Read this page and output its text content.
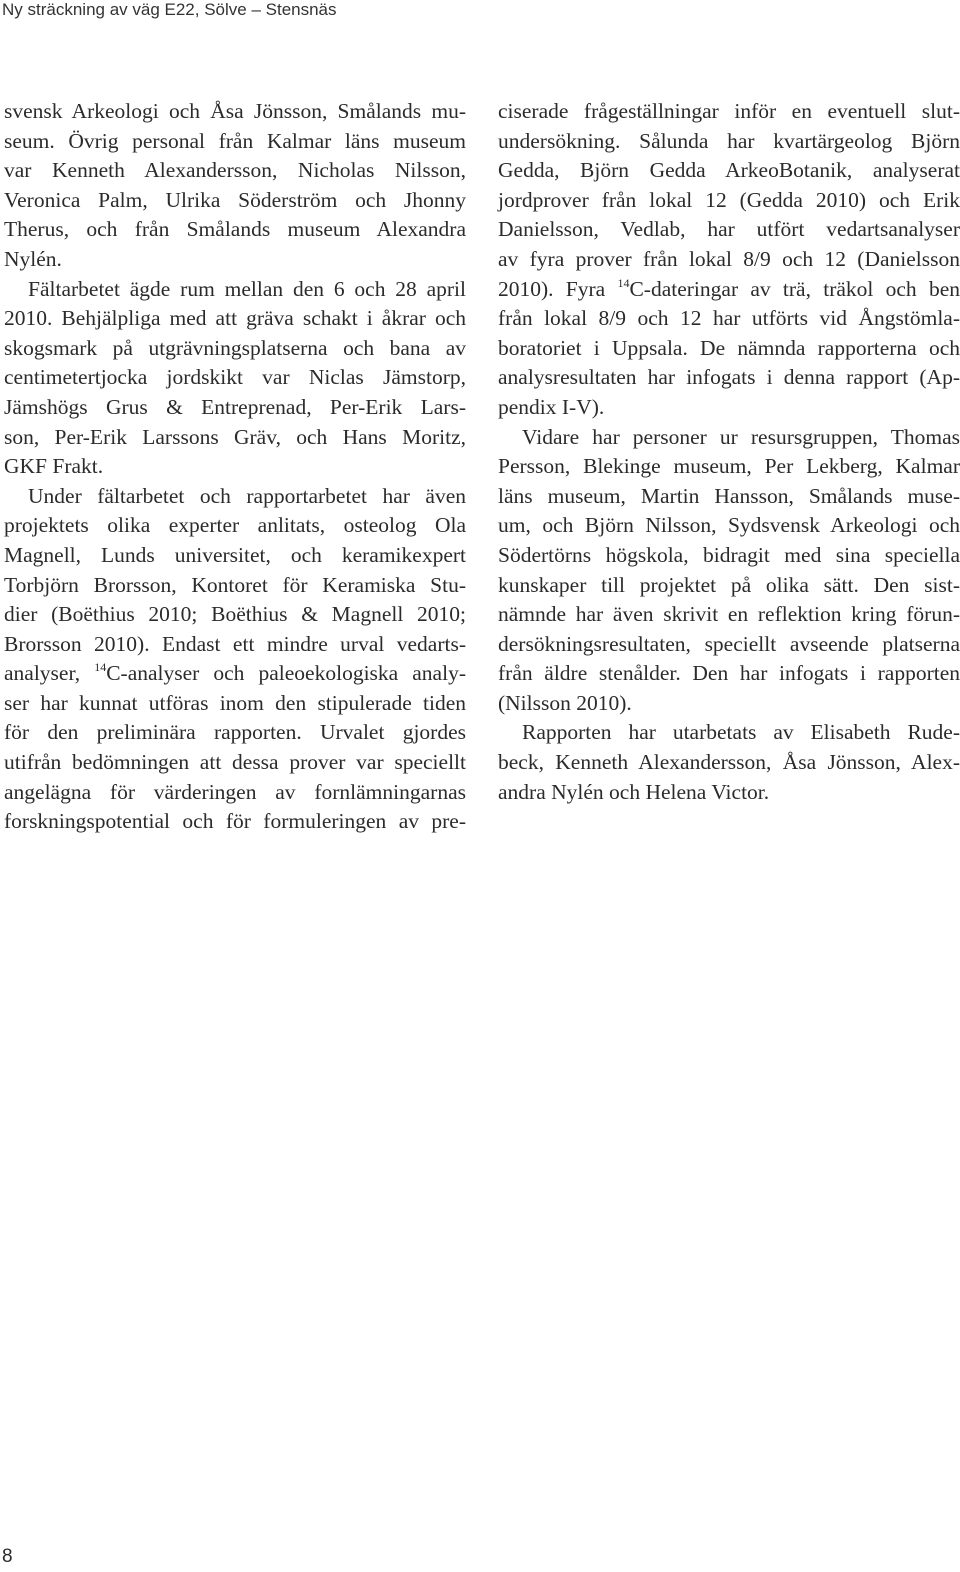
Ny sträckning av väg E22, Sölve – Stensnäs
svensk Arkeologi och Åsa Jönsson, Smålands mu-
seum. Övrig personal från Kalmar läns museum
var Kenneth Alexandersson, Nicholas Nilsson,
Veronica Palm, Ulrika Söderström och Jhonny
Therus, och från Smålands museum Alexandra
Nylén.
Fältarbetet ägde rum mellan den 6 och 28 april
2010. Behjälpliga med att gräva schakt i åkrar och
skogsmark på utgrävningsplatserna och bana av
centimetertjocka jordskikt var Niclas Jämstorp,
Jämshögs Grus & Entreprenad, Per-Erik Lars-
son, Per-Erik Larssons Gräv, och Hans Moritz,
GKF Frakt.
Under fältarbetet och rapportarbetet har även
projektets olika experter anlitats, osteolog Ola
Magnell, Lunds universitet, och keramikexpert
Torbjörn Brorsson, Kontoret för Keramiska Stu-
dier (Boëthius 2010; Boëthius & Magnell 2010;
Brorsson 2010). Endast ett mindre urval vedarts-
analyser, $^{14}$C-analyser och paleoekologiska analy-
ser har kunnat utföras inom den stipulerade tiden
för den preliminära rapporten. Urvalet gjordes
utifrån bedömningen att dessa prover var speciellt
angelägna för värderingen av fornlämningarnas
forskningspotential och för formuleringen av pre-
ciserade frågeställningar inför en eventuell slut-
undersökning. Sålunda har kvartärgeolog Björn
Gedda, Björn Gedda ArkeoBotanik, analyserat
jordprover från lokal 12 (Gedda 2010) och Erik
Danielsson, Vedlab, har utfört vedartsanalyser
av fyra prover från lokal 8/9 och 12 (Danielsson
2010). Fyra $^{14}$C-dateringar av trä, träkol och ben
från lokal 8/9 och 12 har utförts vid Ångstömla-
boratoriet i Uppsala. De nämnda rapporterna och
analysresultaten har infogats i denna rapport (Ap-
pendix I-V).
Vidare har personer ur resursgruppen, Thomas
Persson, Blekinge museum, Per Lekberg, Kalmar
läns museum, Martin Hansson, Smålands muse-
um, och Björn Nilsson, Sydsvensk Arkeologi och
Södertörns högskola, bidragit med sina speciella
kunskaper till projektet på olika sätt. Den sist-
nämnde har även skrivit en reflektion kring förun-
dersökningsresultaten, speciellt avseende platserna
från äldre stenålder. Den har infogats i rapporten
(Nilsson 2010).
Rapporten har utarbetats av Elisabeth Rude-
beck, Kenneth Alexandersson, Åsa Jönsson, Alex-
andra Nylén och Helena Victor.
8
